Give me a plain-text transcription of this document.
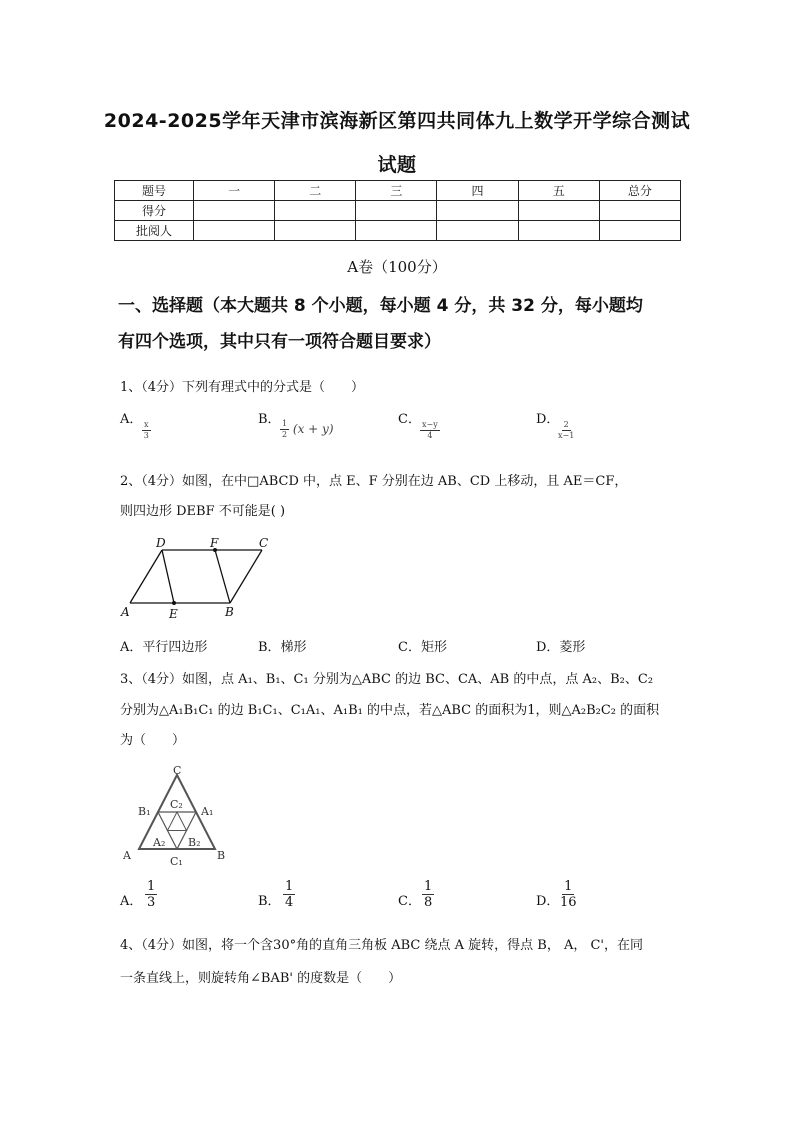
2024-2025学年天津市滨海新区第四共同体九上数学开学综合测试
试题
题号	一	二	三	四	五	总分
得分						
批阅人						
A卷（100分）
一、选择题（本大题共 8 个小题，每小题 4 分，共 32 分，每小题均
有四个选项，其中只有一项符合题目要求）
1、（4分）下列有理式中的分式是（　　）
A．
$\frac{x}{3}$
B．
$\frac{1}{2} (x + y)$
C．
$\frac{x-y}{4}$
D．
$\frac{2}{x-1}$
2、（4分）如图，在中□ABCD 中，点 E、F 分别在边 AB、CD 上移动，且 AE＝CF，
则四边形 DEBF 不可能是( )
D	F	C
A	E	B
A．平行四边形	B．梯形	C．矩形	D．菱形
3、（4分）如图，点 A₁、B₁、C₁ 分别为△ABC 的边 BC、CA、AB 的中点，点 A₂、B₂、C₂
分别为△A₁B₁C₁ 的边 B₁C₁、C₁A₁、A₁B₁ 的中点，若△ABC 的面积为1，则△A₂B₂C₂ 的面积
为（　　）
C
B₁
C₂
A₁
A₂ B₂
A	C₁	B
A． $\frac{1}{3}$	B． $\frac{1}{4}$	C． $\frac{1}{8}$	D． $\frac{1}{16}$
4、（4分）如图，将一个含30°角的直角三角板 ABC 绕点 A 旋转，得点 B， A， C'，在同
一条直线上，则旋转角∠BAB' 的度数是（　　）
